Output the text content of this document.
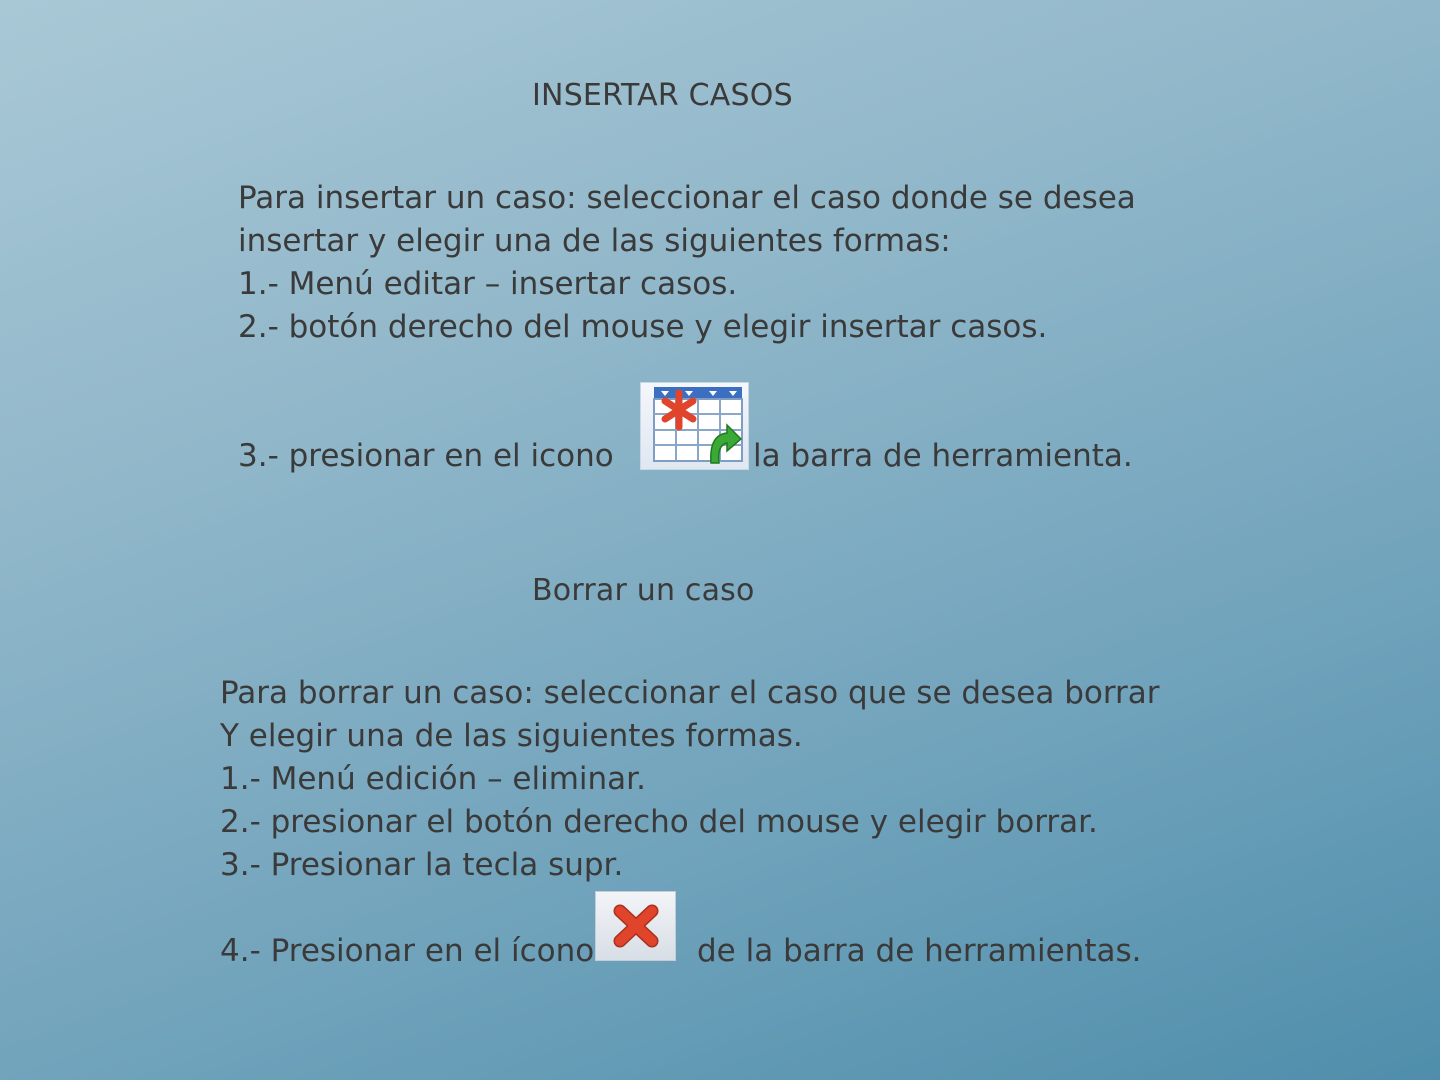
INSERTAR CASOS
Para insertar un caso: seleccionar el caso donde se desea
insertar y elegir una de las siguientes formas:
1.- Menú editar – insertar casos.
2.- botón derecho del mouse y elegir insertar casos.
3.- presionar en el icono	la barra de herramienta.
Borrar un caso
Para borrar un caso: seleccionar el caso que se desea borrar
Y elegir una de las siguientes formas.
1.- Menú edición – eliminar.
2.- presionar el botón derecho del mouse y elegir borrar.
3.- Presionar la tecla supr.
4.- Presionar en el ícono	de la barra de herramientas.
